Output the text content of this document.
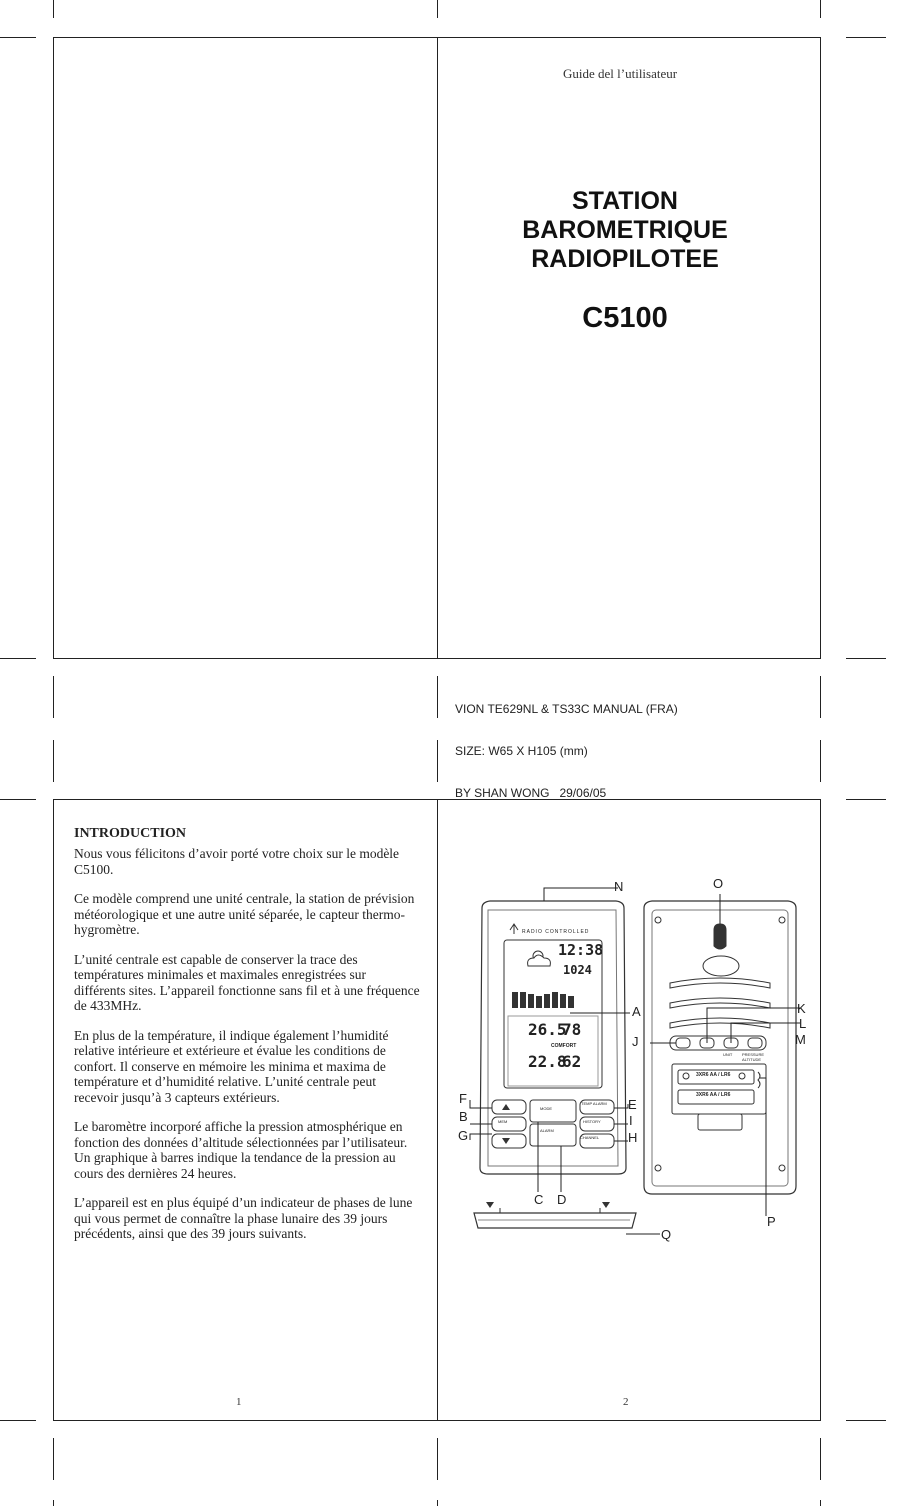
Guide del l’utilisateur
STATION
BAROMETRIQUE
RADIOPILOTEE
C5100

VION TE629NL & TS33C MANUAL (FRA)

SIZE: W65 X H105 (mm)

BY SHAN WONG   29/06/05

INTRODUCTION
Nous vous félicitons d’avoir porté votre choix sur le modèle C5100.
Ce modèle comprend une unité centrale, la station de prévision météorologique et une autre unité séparée, le capteur thermo-hygromètre.
L’unité centrale est capable de conserver la trace des températures minimales et maximales enregistrées sur différents sites. L’appareil fonctionne sans fil et à une fréquence de 433MHz.
En plus de la température, il indique également l’humidité relative intérieure et extérieure et évalue les conditions de confort. Il conserve en mémoire les minima et maxima de température et d’humidité relative. L’unité centrale peut recevoir jusqu’à 3 capteurs extérieurs.
Le baromètre incorporé affiche la pression atmosphérique en fonction des données d’altitude sélectionnées par l’utilisateur. Un graphique à barres indique la tendance de la pression au cours des dernières 24 heures.
L’appareil est en plus équipé d’un indicateur de phases de lune qui vous permet de connaître la phase lunaire des 39 jours précédents, ainsi que des 39 jours suivants.
1	2
N	O
A	K
L
M
J
F
B
G
E
I
H
C D
P
Q
RADIO CONTROLLED
12:38
1024
26.5
78
COMFORT
22.8
62
MODE
ALARM
TEMP ALARM
MEM	HISTORY
CHANNEL
UNIT PRESSURE ALTITUDE
3XR6 AA / LR6
3XR6 AA / LR6
